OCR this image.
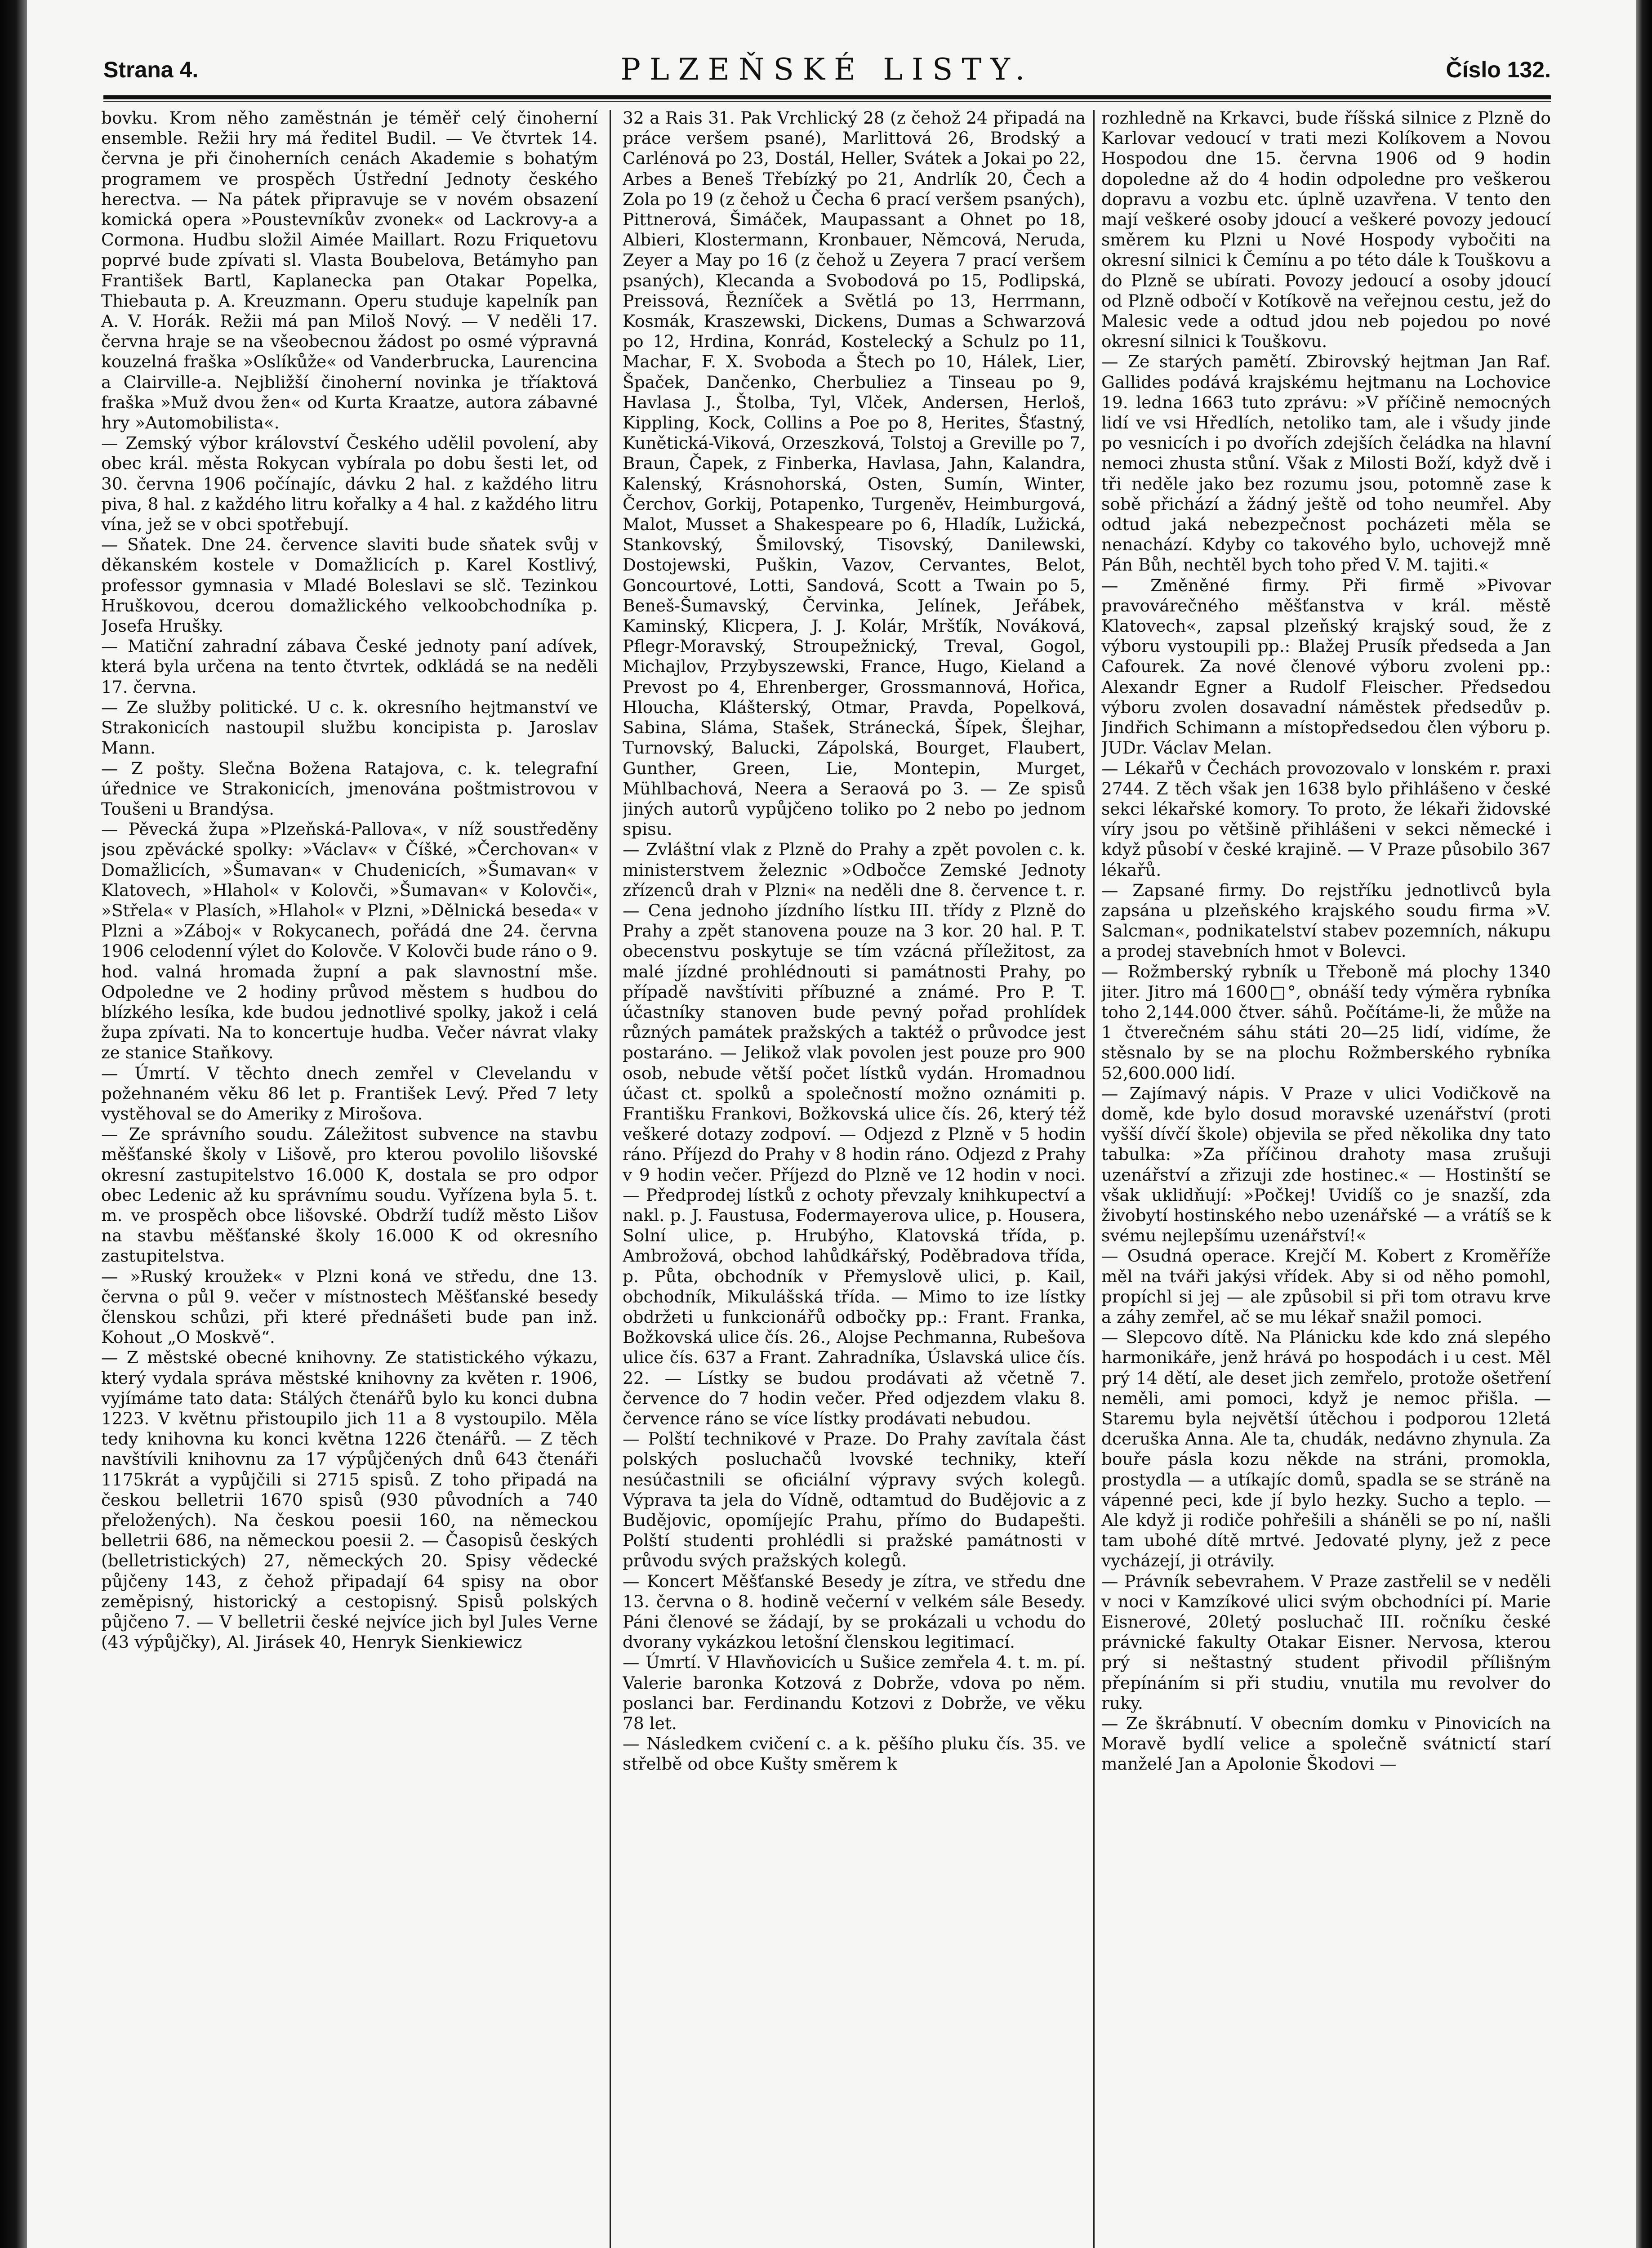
Strana 4.	PLZEŇSKÉ LISTY.	Číslo 132.

bovku. Krom něho zaměstnán je téměř celý činoherní ensemble. Režii hry má ředitel Budil. — Ve čtvrtek 14. června je při činoherních cenách Akademie s bohatým programem ve prospěch Ústřední Jednoty českého herectva. — Na pátek připravuje se v novém obsazení komická opera »Poustevníkův zvonek« od Lackrovy-a a Cormona. Hudbu složil Aimée Maillart. Rozu Friquetovu poprvé bude zpívati sl. Vlasta Boubelova, Betámyho pan František Bartl, Kaplanecka pan Otakar Popelka, Thiebauta p. A. Kreuzmann. Operu studuje kapelník pan A. V. Horák. Režii má pan Miloš Nový. — V neděli 17. června hraje se na všeobecnou žádost po osmé výpravná kouzelná fraška »Oslíkůže« od Vanderbrucka, Laurencina a Clairville-a. Nejbližší činoherní novinka je tříaktová fraška »Muž dvou žen« od Kurta Kraatze, autora zábavné hry »Automobilista«.

— Zemský výbor království Českého udělil povolení, aby obec král. města Rokycan vybírala po dobu šesti let, od 30. června 1906 počínajíc, dávku 2 hal. z každého litru piva, 8 hal. z každého litru kořalky a 4 hal. z každého litru vína, jež se v obci spotřebují.

— Sňatek. Dne 24. července slaviti bude sňatek svůj v děkanském kostele v Domažlicích p. Karel Kostlivý, professor gymnasia v Mladé Boleslavi se slč. Tezinkou Hruškovou, dcerou domažlického velkoobchodníka p. Josefa Hrušky.

— Matiční zahradní zábava České jednoty paní adívek, která byla určena na tento čtvrtek, odkládá se na neděli 17. června.

— Ze služby politické. U c. k. okresního hejtmanství ve Strakonicích nastoupil službu koncipista p. Jaroslav Mann.

— Z pošty. Slečna Božena Ratajova, c. k. telegrafní úřednice ve Strakonicích, jmenována poštmistrovou v Toušeni u Brandýsa.

— Pěvecká župa »Plzeňská-Pallova«, v níž soustředěny jsou zpěvácké spolky: »Václav« v Číšké, »Čerchovan« v Domažlicích, »Šumavan« v Chudenicích, »Šumavan« v Klatovech, »Hlahol« v Kolovči, »Šumavan« v Kolovči«, »Střela« v Plasích, »Hlahol« v Plzni, »Dělnická beseda« v Plzni a »Záboj« v Rokycanech, pořádá dne 24. června 1906 celodenní výlet do Kolovče. V Kolovči bude ráno o 9. hod. valná hromada župní a pak slavnostní mše. Odpoledne ve 2 hodiny průvod městem s hudbou do blízkého lesíka, kde budou jednotlivé spolky, jakož i celá župa zpívati. Na to koncertuje hudba. Večer návrat vlaky ze stanice Staňkovy.

— Úmrtí. V těchto dnech zemřel v Clevelandu v požehnaném věku 86 let p. František Levý. Před 7 lety vystěhoval se do Ameriky z Mirošova.

— Ze správního soudu. Záležitost subvence na stavbu měšťanské školy v Lišově, pro kterou povolilo lišovské okresní zastupitelstvo 16.000 K, dostala se pro odpor obec Ledenic až ku správnímu soudu. Vyřízena byla 5. t. m. ve prospěch obce lišovské. Obdrží tudíž město Lišov na stavbu měšťanské školy 16.000 K od okresního zastupitelstva.

— »Ruský kroužek« v Plzni koná ve středu, dne 13. června o půl 9. večer v místnostech Měšťanské besedy členskou schůzi, při které přednášeti bude pan inž. Kohout „O Moskvě“.

— Z městské obecné knihovny. Ze statistického výkazu, který vydala správa městské knihovny za květen r. 1906, vyjímáme tato data: Stálých čtenářů bylo ku konci dubna 1223. V květnu přistoupilo jich 11 a 8 vystoupilo. Měla tedy knihovna ku konci května 1226 čtenářů. — Z těch navštívili knihovnu za 17 výpůjčených dnů 643 čtenáři 1175krát a vypůjčili si 2715 spisů. Z toho připadá na českou belletrii 1670 spisů (930 původních a 740 přeložených). Na českou poesii 160, na německou belletrii 686, na německou poesii 2. — Časopisů českých (belletristických) 27, německých 20. Spisy vědecké půjčeny 143, z čehož připadají 64 spisy na obor zeměpisný, historický a cestopisný. Spisů polských půjčeno 7. — V belletrii české nejvíce jich byl Jules Verne (43 výpůjčky), Al. Jirásek 40, Henryk Sienkiewicz

32 a Rais 31. Pak Vrchlický 28 (z čehož 24 připadá na práce veršem psané), Marlittová 26, Brodský a Carlénová po 23, Dostál, Heller, Svátek a Jokai po 22, Arbes a Beneš Třebízký po 21, Andrlík 20, Čech a Zola po 19 (z čehož u Čecha 6 prací veršem psaných), Pittnerová, Šimáček, Maupassant a Ohnet po 18, Albieri, Klostermann, Kronbauer, Němcová, Neruda, Zeyer a May po 16 (z čehož u Zeyera 7 prací veršem psaných), Klecanda a Svobodová po 15, Podlipská, Preissová, Řezníček a Světlá po 13, Herrmann, Kosmák, Kraszewski, Dickens, Dumas a Schwarzová po 12, Hrdina, Konrád, Kostelecký a Schulz po 11, Machar, F. X. Svoboda a Štech po 10, Hálek, Lier, Špaček, Dančenko, Cherbuliez a Tinseau po 9, Havlasa J., Štolba, Tyl, Vlček, Andersen, Herloš, Kippling, Kock, Collins a Poe po 8, Herites, Šťastný, Kunětická-Viková, Orzeszková, Tolstoj a Greville po 7, Braun, Čapek, z Finberka, Havlasa, Jahn, Kalandra, Kalenský, Krásnohorská, Osten, Sumín, Winter, Čerchov, Gorkij, Potapenko, Turgeněv, Heimburgová, Malot, Musset a Shakespeare po 6, Hladík, Lužická, Stankovský, Šmilovský, Tisovský, Danilewski, Dostojewski, Puškin, Vazov, Cervantes, Belot, Goncourtové, Lotti, Sandová, Scott a Twain po 5, Beneš-Šumavský, Červinka, Jelínek, Jeřábek, Kaminský, Klicpera, J. J. Kolár, Mršťík, Nováková, Pflegr-Moravský, Stroupežnický, Treval, Gogol, Michajlov, Przybyszewski, France, Hugo, Kieland a Prevost po 4, Ehrenberger, Grossmannová, Hořica, Hloucha, Klášterský, Otmar, Pravda, Popelková, Sabina, Sláma, Stašek, Stránecká, Šípek, Šlejhar, Turnovský, Balucki, Zápolská, Bourget, Flaubert, Gunther, Green, Lie, Montepin, Murget, Mühlbachová, Neera a Seraová po 3. — Ze spisů jiných autorů vypůjčeno toliko po 2 nebo po jednom spisu.

— Zvláštní vlak z Plzně do Prahy a zpět povolen c. k. ministerstvem železnic »Odbočce Zemské Jednoty zřízenců drah v Plzni« na neděli dne 8. července t. r. — Cena jednoho jízdního lístku III. třídy z Plzně do Prahy a zpět stanovena pouze na 3 kor. 20 hal. P. T. obecenstvu poskytuje se tím vzácná příležitost, za malé jízdné prohlédnouti si památnosti Prahy, po případě navštíviti příbuzné a známé. Pro P. T. účastníky stanoven bude pevný pořad prohlídek různých památek pražských a taktéž o průvodce jest postaráno. — Jelikož vlak povolen jest pouze pro 900 osob, nebude větší počet lístků vydán. Hromadnou účast ct. spolků a společností možno oznámiti p. Františku Frankovi, Božkovská ulice čís. 26, který též veškeré dotazy zodpoví. — Odjezd z Plzně v 5 hodin ráno. Příjezd do Prahy v 8 hodin ráno. Odjezd z Prahy v 9 hodin večer. Příjezd do Plzně ve 12 hodin v noci. — Předprodej lístků z ochoty převzaly knihkupectví a nakl. p. J. Faustusa, Fodermayerova ulice, p. Housera, Solní ulice, p. Hrubýho, Klatovská třída, p. Ambrožová, obchod lahůdkářský, Poděbradova třída, p. Půta, obchodník v Přemyslově ulici, p. Kail, obchodník, Mikulášská třída. — Mimo to ize lístky obdržeti u funkcionářů odbočky pp.: Frant. Franka, Božkovská ulice čís. 26., Alojse Pechmanna, Rubešova ulice čís. 637 a Frant. Zahradníka, Úslavská ulice čís. 22. — Lístky se budou prodávati až včetně 7. července do 7 hodin večer. Před odjezdem vlaku 8. července ráno se více lístky prodávati nebudou.

— Polští technikové v Praze. Do Prahy zavítala část polských posluchačů lvovské techniky, kteří nesúčastnili se oficiální výpravy svých kolegů. Výprava ta jela do Vídně, odtamtud do Budějovic a z Budějovic, opomíjejíc Prahu, přímo do Budapešti. Polští studenti prohlédli si pražské památnosti v průvodu svých pražských kolegů.

— Koncert Měšťanské Besedy je zítra, ve středu dne 13. června o 8. hodině večerní v velkém sále Besedy. Páni členové se žádají, by se prokázali u vchodu do dvorany vykázkou letošní členskou legitimací.

— Úmrtí. V Hlavňovicích u Sušice zemřela 4. t. m. pí. Valerie baronka Kotzová z Dobrže, vdova po něm. poslanci bar. Ferdinandu Kotzovi z Dobrže, ve věku 78 let.

— Následkem cvičení c. a k. pěšího pluku čís. 35. ve střelbě od obce Kušty směrem k

rozhledně na Krkavci, bude říšská silnice z Plzně do Karlovar vedoucí v trati mezi Kolíkovem a Novou Hospodou dne 15. června 1906 od 9 hodin dopoledne až do 4 hodin odpoledne pro veškerou dopravu a vozbu etc. úplně uzavřena. V tento den mají veškeré osoby jdoucí a veškeré povozy jedoucí směrem ku Plzni u Nové Hospody vybočiti na okresní silnici k Čemínu a po této dále k Touškovu a do Plzně se ubírati. Povozy jedoucí a osoby jdoucí od Plzně odbočí v Kotíkově na veřejnou cestu, jež do Malesic vede a odtud jdou neb pojedou po nové okresní silnici k Touškovu.

— Ze starých pamětí. Zbirovský hejtman Jan Raf. Gallides podává krajskému hejtmanu na Lochovice 19. ledna 1663 tuto zprávu: »V příčině nemocných lidí ve vsi Hředlích, netoliko tam, ale i všudy jinde po vesnicích i po dvořích zdejších čeládka na hlavní nemoci zhusta stůní. Však z Milosti Boží, když dvě i tři neděle jako bez rozumu jsou, potomně zase k sobě přichází a žádný ještě od toho neumřel. Aby odtud jaká nebezpečnost pocházeti měla se nenachází. Kdyby co takového bylo, uchovejž mně Pán Bůh, nechtěl bych toho před V. M. tajiti.«

— Změněné firmy. Při firmě »Pivovar pravovárečného měšťanstva v král. městě Klatovech«, zapsal plzeňský krajský soud, že z výboru vystoupili pp.: Blažej Prusík předseda a Jan Cafourek. Za nové členové výboru zvoleni pp.: Alexandr Egner a Rudolf Fleischer. Předsedou výboru zvolen dosavadní náměstek předsedův p. Jindřich Schimann a místopředsedou člen výboru p. JUDr. Václav Melan.

— Lékařů v Čechách provozovalo v lonském r. praxi 2744. Z těch však jen 1638 bylo přihlášeno v české sekci lékařské komory. To proto, že lékaři židovské víry jsou po většině přihlášeni v sekci německé i když působí v české krajině. — V Praze působilo 367 lékařů.

— Zapsané firmy. Do rejstříku jednotlivců byla zapsána u plzeňského krajského soudu firma »V. Salcman«, podnikatelství stabev pozemních, nákupu a prodej stavebních hmot v Bolevci.

— Rožmberský rybník u Třeboně má plochy 1340 jiter. Jitro má 1600□°, obnáší tedy výměra rybníka toho 2,144.000 čtver. sáhů. Počítáme-li, že může na 1 čtverečném sáhu státi 20—25 lidí, vidíme, že stěsnalo by se na plochu Rožmberského rybníka 52,600.000 lidí.

— Zajímavý nápis. V Praze v ulici Vodičkově na domě, kde bylo dosud moravské uzenářství (proti vyšší dívčí škole) objevila se před několika dny tato tabulka: »Za příčinou drahoty masa zrušuji uzenářství a zřizuji zde hostinec.« — Hostinští se však uklidňují: »Počkej! Uvidíš co je snazší, zda živobytí hostinského nebo uzenářské — a vrátíš se k svému nejlepšímu uzenářství!«

— Osudná operace. Krejčí M. Kobert z Kroměříže měl na tváři jakýsi vřídek. Aby si od něho pomohl, propíchl si jej — ale způsobil si při tom otravu krve a záhy zemřel, ač se mu lékař snažil pomoci.

— Slepcovo dítě. Na Plánicku kde kdo zná slepého harmonikáře, jenž hrává po hospodách i u cest. Měl prý 14 dětí, ale deset jich zemřelo, protože ošetření neměli, ami pomoci, když je nemoc přišla. — Staremu byla největší útěchou i podporou 12letá dceruška Anna. Ale ta, chudák, nedávno zhynula. Za bouře pásla kozu někde na stráni, promokla, prostydla — a utíkajíc domů, spadla se se stráně na vápenné peci, kde jí bylo hezky. Sucho a teplo. — Ale když ji rodiče pohřešili a sháněli se po ní, našli tam ubohé dítě mrtvé. Jedovaté plyny, jež z pece vycházejí, ji otrávily.

— Právník sebevrahem. V Praze zastřelil se v neděli v noci v Kamzíkové ulici svým obchodníci pí. Marie Eisnerové, 20letý posluchač III. ročníku české právnické fakulty Otakar Eisner. Nervosa, kterou prý si neštastný student přivodil přílišným přepínáním si při studiu, vnutila mu revolver do ruky.

— Ze škrábnutí. V obecním domku v Pinovicích na Moravě bydlí velice a společně svátnictí starí manželé Jan a Apolonie Škodovi —
